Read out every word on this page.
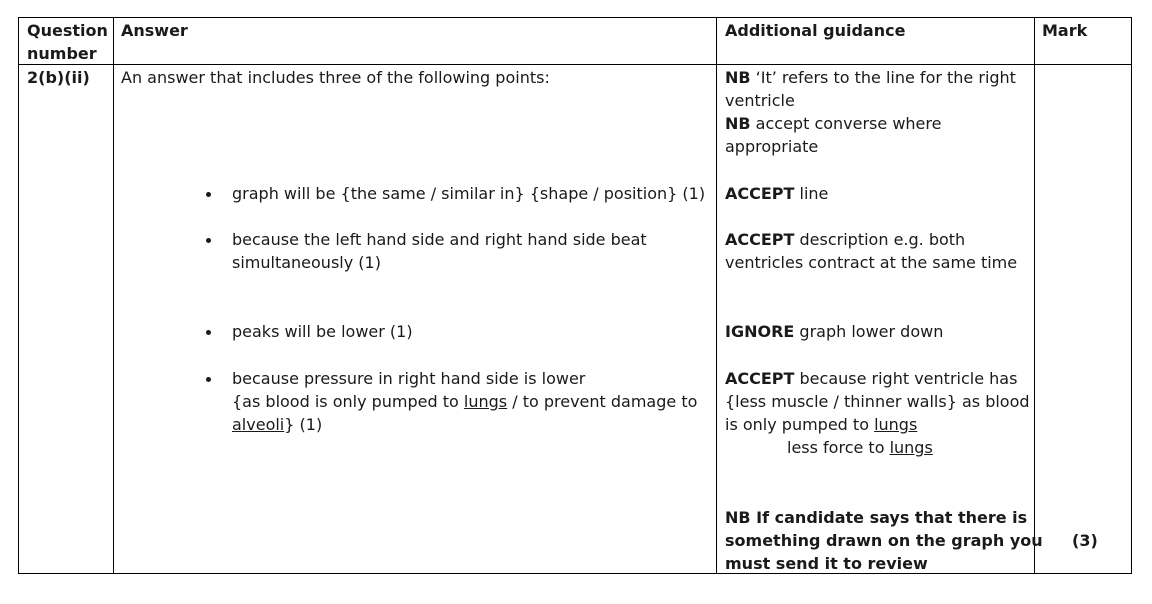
Question
number
Answer	Additional guidance	Mark
2(b)(ii) An answer that includes three of the following points:
graph will be {the same / similar in} {shape / position} (1)
because the left hand side and right hand side beat
simultaneously (1)
peaks will be lower (1)
because pressure in right hand side is lower
{as blood is only pumped to lungs / to prevent damage to
alveoli} (1)
NB ‘It’ refers to the line for the right
ventricle
NB accept converse where
appropriate
ACCEPT line
ACCEPT description e.g. both
ventricles contract at the same time
IGNORE graph lower down
ACCEPT because right ventricle has
{less muscle / thinner walls} as blood
is only pumped to lungs
less force to lungs
NB If candidate says that there is
something drawn on the graph you
must send it to review
(3)
